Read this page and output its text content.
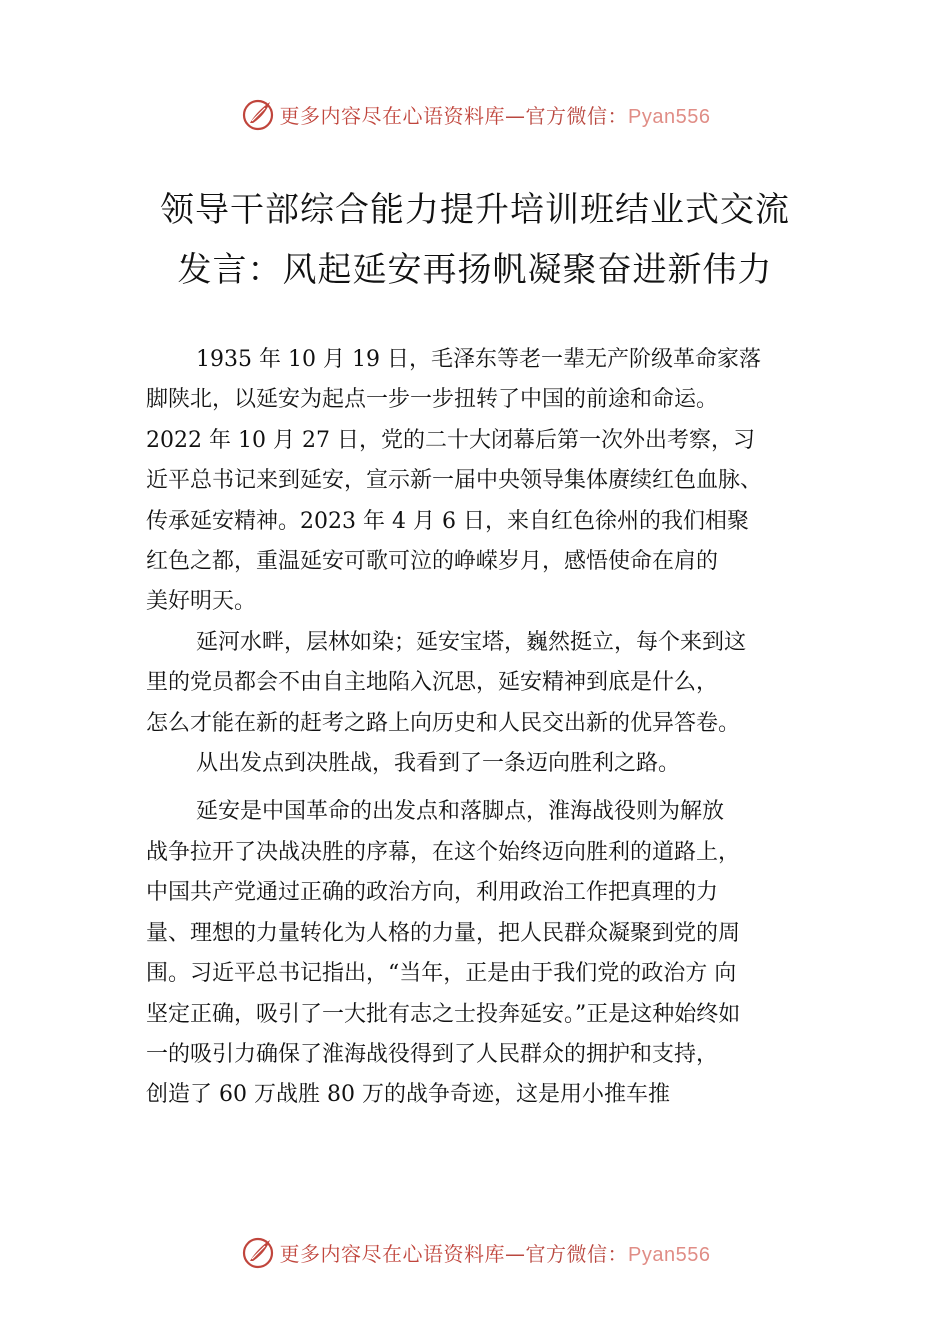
更多内容尽在心语资料库—官方微信：Pyan556
领导干部综合能力提升培训班结业式交流
发言：风起延安再扬帆凝聚奋进新伟力
1935 年 10 月 19 日，毛泽东等老一辈无产阶级革命家落
脚陕北，以延安为起点一步一步扭转了中国的前途和命运。
2022 年 10 月 27 日，党的二十大闭幕后第一次外出考察，习
近平总书记来到延安，宣示新一届中央领导集体赓续红色血脉、
传承延安精神。2023 年 4 月 6 日，来自红色徐州的我们相聚
红色之都，重温延安可歌可泣的峥嵘岁月，感悟使命在肩的
美好明天。
延河水畔，层林如染；延安宝塔，巍然挺立，每个来到这
里的党员都会不由自主地陷入沉思，延安精神到底是什么，
怎么才能在新的赶考之路上向历史和人民交出新的优异答卷。
从出发点到决胜战，我看到了一条迈向胜利之路。
延安是中国革命的出发点和落脚点，淮海战役则为解放
战争拉开了决战决胜的序幕，在这个始终迈向胜利的道路上，
中国共产党通过正确的政治方向，利用政治工作把真理的力
量、理想的力量转化为人格的力量，把人民群众凝聚到党的周
围。习近平总书记指出，“当年，正是由于我们党的政治方 向
坚定正确，吸引了一大批有志之士投奔延安。”正是这种始终如
一的吸引力确保了淮海战役得到了人民群众的拥护和支持，
创造了 60 万战胜 80 万的战争奇迹，这是用小推车推
更多内容尽在心语资料库—官方微信：Pyan556
